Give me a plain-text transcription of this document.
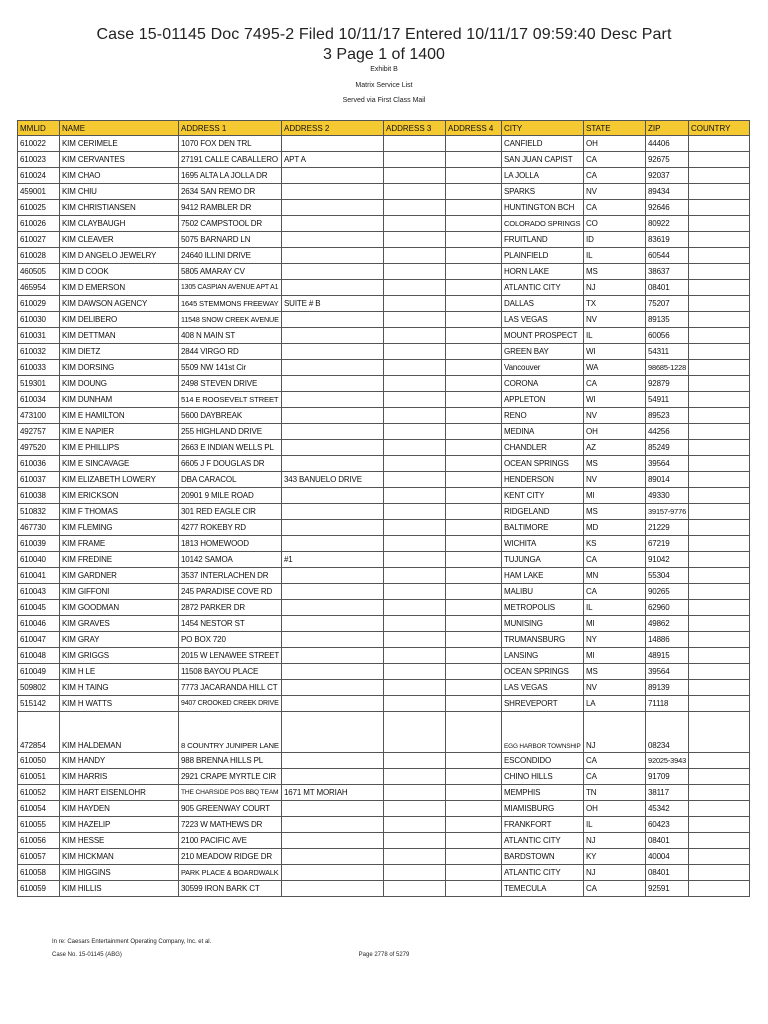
Case 15-01145 Doc 7495-2 Filed 10/11/17 Entered 10/11/17 09:59:40 Desc Part
3 Page 1 of 1400
Exhibit B
Matrix Service List
Served via First Class Mail
MMLID	NAME	ADDRESS 1	ADDRESS 2	ADDRESS 3	ADDRESS 4	CITY	STATE	ZIP	COUNTRY
610022	KIM CERIMELE	1070 FOX DEN TRL				CANFIELD	OH	44406	
610023	KIM CERVANTES	27191 CALLE CABALLERO	APT A			SAN JUAN CAPIST	CA	92675	
610024	KIM CHAO	1695 ALTA LA JOLLA DR				LA JOLLA	CA	92037	
459001	KIM CHIU	2634 SAN REMO DR				SPARKS	NV	89434	
610025	KIM CHRISTIANSEN	9412 RAMBLER DR				HUNTINGTON BCH	CA	92646	
610026	KIM CLAYBAUGH	7502 CAMPSTOOL DR				COLORADO SPRINGS	CO	80922	
610027	KIM CLEAVER	5075 BARNARD LN				FRUITLAND	ID	83619	
610028	KIM D ANGELO JEWELRY	24640 ILLINI DRIVE				PLAINFIELD	IL	60544	
460505	KIM D COOK	5805 AMARAY CV				HORN LAKE	MS	38637	
465954	KIM D EMERSON	1305 CASPIAN AVENUE APT A1				ATLANTIC CITY	NJ	08401	
610029	KIM DAWSON AGENCY	1645 STEMMONS FREEWAY	SUITE # B			DALLAS	TX	75207	
610030	KIM DELIBERO	11548 SNOW CREEK AVENUE				LAS VEGAS	NV	89135	
610031	KIM DETTMAN	408 N MAIN ST				MOUNT PROSPECT	IL	60056	
610032	KIM DIETZ	2844 VIRGO RD				GREEN BAY	WI	54311	
610033	KIM DORSING	5509 NW 141st Cir				Vancouver	WA	98685-1228	
519301	KIM DOUNG	2498 STEVEN DRIVE				CORONA	CA	92879	
610034	KIM DUNHAM	514 E ROOSEVELT STREET				APPLETON	WI	54911	
473100	KIM E HAMILTON	5600 DAYBREAK				RENO	NV	89523	
492757	KIM E NAPIER	255 HIGHLAND DRIVE				MEDINA	OH	44256	
497520	KIM E PHILLIPS	2663 E INDIAN WELLS PL				CHANDLER	AZ	85249	
610036	KIM E SINCAVAGE	6605 J F DOUGLAS DR				OCEAN SPRINGS	MS	39564	
610037	KIM ELIZABETH LOWERY	DBA CARACOL	343 BANUELO DRIVE			HENDERSON	NV	89014	
610038	KIM ERICKSON	20901 9 MILE ROAD				KENT CITY	MI	49330	
510832	KIM F THOMAS	301 RED EAGLE CIR				RIDGELAND	MS	39157-9776	
467730	KIM FLEMING	4277 ROKEBY RD				BALTIMORE	MD	21229	
610039	KIM FRAME	1813 HOMEWOOD				WICHITA	KS	67219	
610040	KIM FREDINE	10142 SAMOA	#1			TUJUNGA	CA	91042	
610041	KIM GARDNER	3537 INTERLACHEN DR				HAM LAKE	MN	55304	
610043	KIM GIFFONI	245 PARADISE COVE RD				MALIBU	CA	90265	
610045	KIM GOODMAN	2872 PARKER DR				METROPOLIS	IL	62960	
610046	KIM GRAVES	1454 NESTOR ST				MUNISING	MI	49862	
610047	KIM GRAY	PO BOX 720				TRUMANSBURG	NY	14886	
610048	KIM GRIGGS	2015 W LENAWEE STREET				LANSING	MI	48915	
610049	KIM H LE	11508 BAYOU PLACE				OCEAN SPRINGS	MS	39564	
509802	KIM H TAING	7773 JACARANDA HILL CT				LAS VEGAS	NV	89139	
515142	KIM H WATTS	9407 CROOKED CREEK DRIVE				SHREVEPORT	LA	71118	
472854	KIM HALDEMAN	8 COUNTRY JUNIPER LANE				EGG HARBOR TOWNSHIP	NJ	08234	
610050	KIM HANDY	988 BRENNA HILLS PL				ESCONDIDO	CA	92025-3943	
610051	KIM HARRIS	2921 CRAPE MYRTLE CIR				CHINO HILLS	CA	91709	
610052	KIM HART EISENLOHR	THE CHARSIDE POS BBQ TEAM	1671 MT MORIAH			MEMPHIS	TN	38117	
610054	KIM HAYDEN	905 GREENWAY COURT				MIAMISBURG	OH	45342	
610055	KIM HAZELIP	7223 W MATHEWS DR				FRANKFORT	IL	60423	
610056	KIM HESSE	2100 PACIFIC AVE				ATLANTIC CITY	NJ	08401	
610057	KIM HICKMAN	210 MEADOW RIDGE DR				BARDSTOWN	KY	40004	
610058	KIM HIGGINS	PARK PLACE & BOARDWALK				ATLANTIC CITY	NJ	08401	
610059	KIM HILLIS	30599 IRON BARK CT				TEMECULA	CA	92591	
In re: Caesars Entertainment Operating Company, Inc. et al.
Case No. 15-01145 (ABG)	Page 2778 of 5279
